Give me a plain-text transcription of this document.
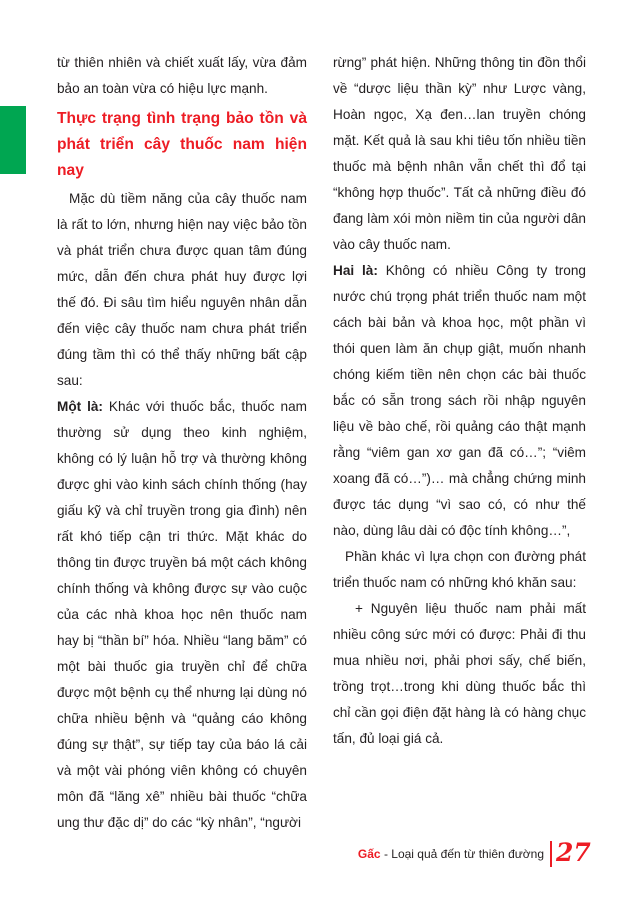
từ thiên nhiên và chiết xuất lấy, vừa đảm bảo an toàn vừa có hiệu lực mạnh.

Thực trạng tình trạng bảo tồn và phát triển cây thuốc nam hiện nay

Mặc dù tiềm năng của cây thuốc nam là rất to lớn, nhưng hiện nay việc bảo tồn và phát triển chưa được quan tâm đúng mức, dẫn đến chưa phát huy được lợi thế đó. Đi sâu tìm hiểu nguyên nhân dẫn đến việc cây thuốc nam chưa phát triển đúng tầm thì có thể thấy những bất cập sau:

Một là: Khác với thuốc bắc, thuốc nam thường sử dụng theo kinh nghiệm, không có lý luận hỗ trợ và thường không được ghi vào kinh sách chính thống (hay giấu kỹ và chỉ truyền trong gia đình) nên rất khó tiếp cận tri thức. Mặt khác do thông tin được truyền bá một cách không chính thống và không được sự vào cuộc của các nhà khoa học nên thuốc nam hay bị “thần bí” hóa. Nhiều “lang băm” có một bài thuốc gia truyền chỉ để chữa được một bệnh cụ thể nhưng lại dùng nó chữa nhiều bệnh và “quảng cáo không đúng sự thật”, sự tiếp tay của báo lá cải và một vài phóng viên không có chuyên môn đã “lăng xê” nhiều bài thuốc “chữa ung thư đặc dị” do các “kỳ nhân”, “người

rừng” phát hiện. Những thông tin đồn thổi về “dược liệu thần kỳ” như Lược vàng, Hoàn ngọc, Xạ đen…lan truyền chóng mặt. Kết quả là sau khi tiêu tốn nhiều tiền thuốc mà bệnh nhân vẫn chết thì đổ tại “không hợp thuốc”. Tất cả những điều đó đang làm xói mòn niềm tin của người dân vào cây thuốc nam.

Hai là: Không có nhiều Công ty trong nước chú trọng phát triển thuốc nam một cách bài bản và khoa học, một phần vì thói quen làm ăn chụp giật, muốn nhanh chóng kiếm tiền nên chọn các bài thuốc bắc có sẵn trong sách rồi nhập nguyên liệu về bào chế, rồi quảng cáo thật mạnh rằng “viêm gan xơ gan đã có…”; “viêm xoang đã có…”)… mà chẳng chứng minh được tác dụng “vì sao có, có như thế nào, dùng lâu dài có độc tính không…”,

Phần khác vì lựa chọn con đường phát triển thuốc nam có những khó khăn sau:

+ Nguyên liệu thuốc nam phải mất nhiều công sức mới có được: Phải đi thu mua nhiều nơi, phải phơi sấy, chế biến, trồng trọt…trong khi dùng thuốc bắc thì chỉ cần gọi điện đặt hàng là có hàng chục tấn, đủ loại giá cả.

Gấc - Loại quả đến từ thiên đường 27
